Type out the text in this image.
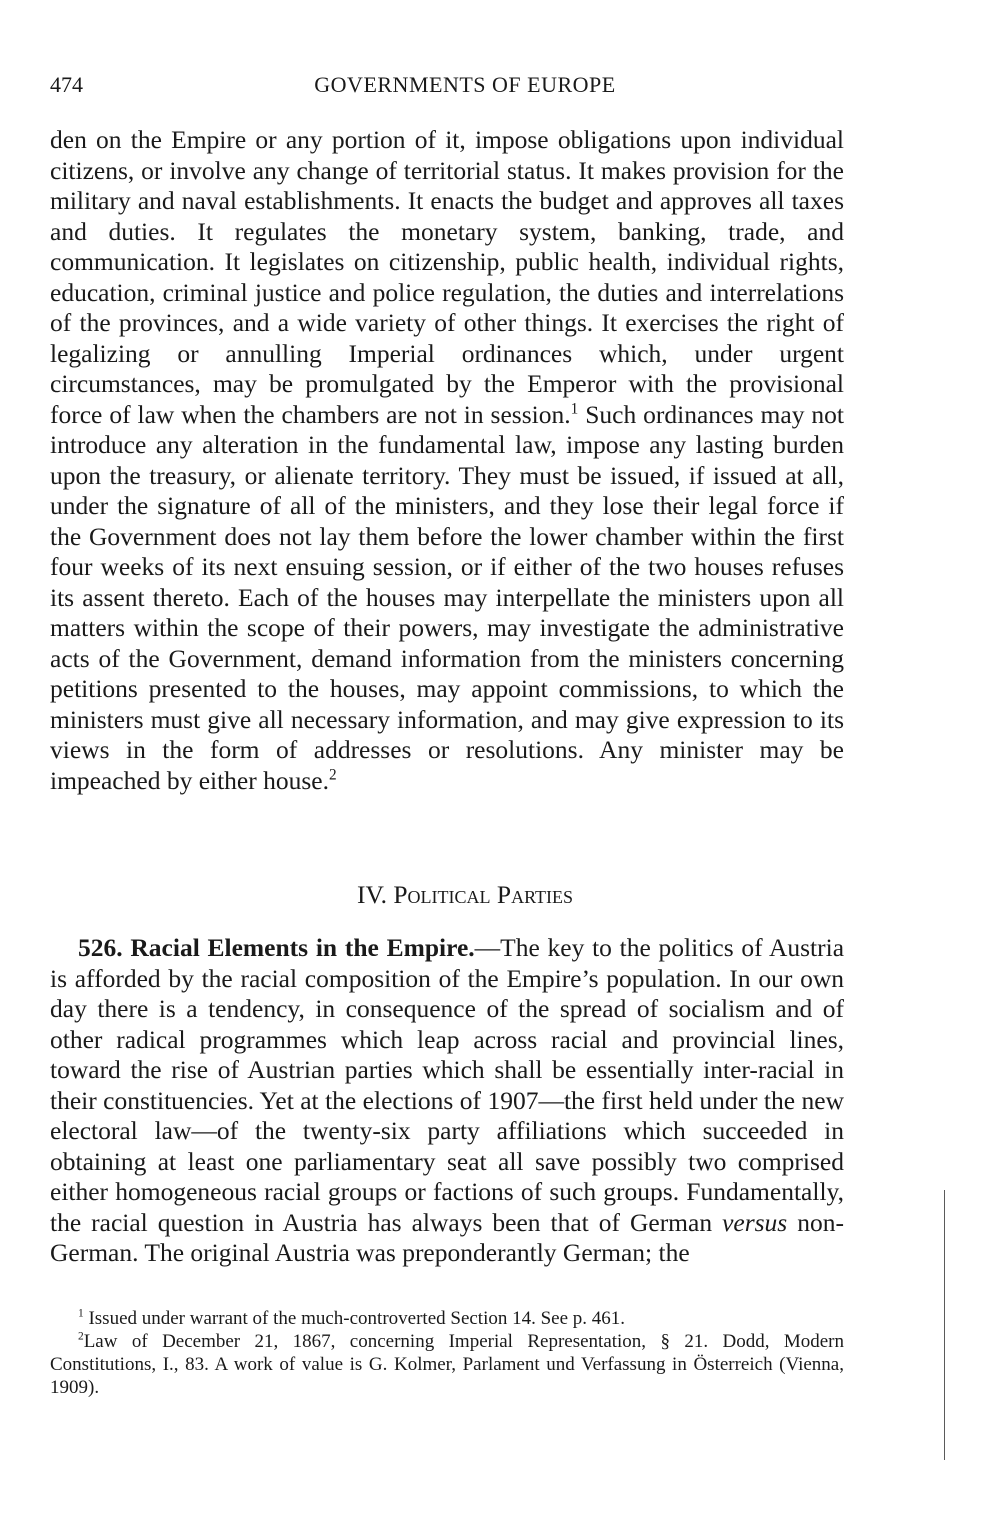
474	GOVERNMENTS OF EUROPE

den on the Empire or any portion of it, impose obligations upon individual citizens, or involve any change of territorial status. It makes provision for the military and naval establishments. It enacts the budget and approves all taxes and duties. It regulates the monetary system, banking, trade, and communication. It legislates on citizenship, public health, individual rights, education, criminal justice and police regulation, the duties and interrelations of the provinces, and a wide variety of other things. It exercises the right of legalizing or annulling Imperial ordinances which, under urgent circumstances, may be promulgated by the Emperor with the provisional force of law when the chambers are not in session.$^1$ Such ordinances may not introduce any alteration in the fundamental law, impose any lasting burden upon the treasury, or alienate territory. They must be issued, if issued at all, under the signature of all of the ministers, and they lose their legal force if the Government does not lay them before the lower chamber within the first four weeks of its next ensuing session, or if either of the two houses refuses its assent thereto. Each of the houses may interpellate the ministers upon all matters within the scope of their powers, may investigate the administrative acts of the Government, demand information from the ministers concerning petitions presented to the houses, may appoint commissions, to which the ministers must give all necessary information, and may give expression to its views in the form of addresses or resolutions. Any minister may be impeached by either house.$^2$

IV. Political Parties

526. Racial Elements in the Empire.—The key to the politics of Austria is afforded by the racial composition of the Empire’s population. In our own day there is a tendency, in consequence of the spread of socialism and of other radical programmes which leap across racial and provincial lines, toward the rise of Austrian parties which shall be essentially inter-racial in their constituencies. Yet at the elections of 1907—the first held under the new electoral law—of the twenty-six party affiliations which succeeded in obtaining at least one parliamentary seat all save possibly two comprised either homogeneous racial groups or factions of such groups. Fundamentally, the racial question in Austria has always been that of German versus non-German. The original Austria was preponderantly German; the

$^1$ Issued under warrant of the much-controverted Section 14. See p. 461.

$^2$Law of December 21, 1867, concerning Imperial Representation, § 21. Dodd, Modern Constitutions, I., 83. A work of value is G. Kolmer, Parlament und Verfassung in Österreich (Vienna, 1909).
